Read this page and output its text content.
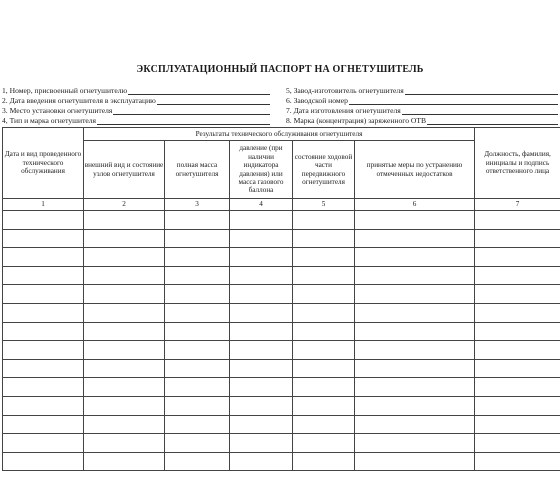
ЭКСПЛУАТАЦИОННЫЙ ПАСПОРТ НА ОГНЕТУШИТЕЛЬ
1, Номер, присвоенный огнетушителю
2. Дата введения огнетушителя в эксплуатацию
3. Место установки огнетушителя
4, Тип и марка огнетушителя
5, Завод-изготовитель огнетушителя
6. Заводской номер
7. Дата изготовления огнетушителя
8. Марка (концентрация) заряженного ОТВ
Дата и вид проведенного технического обслуживания	Результаты технического обслуживания огнетушителя					Должность, фамилия, инициалы и подпись ответственного лица
	внешний вид и состояние узлов огнетушителя	полная масса огнетушителя	давление (при наличии индикатора давления) или масса газового баллона	состояние ходовой части передвижного огнетушителя	принятые меры по устранению отмеченных недостатков	
1	2	3	4	5	6	7
